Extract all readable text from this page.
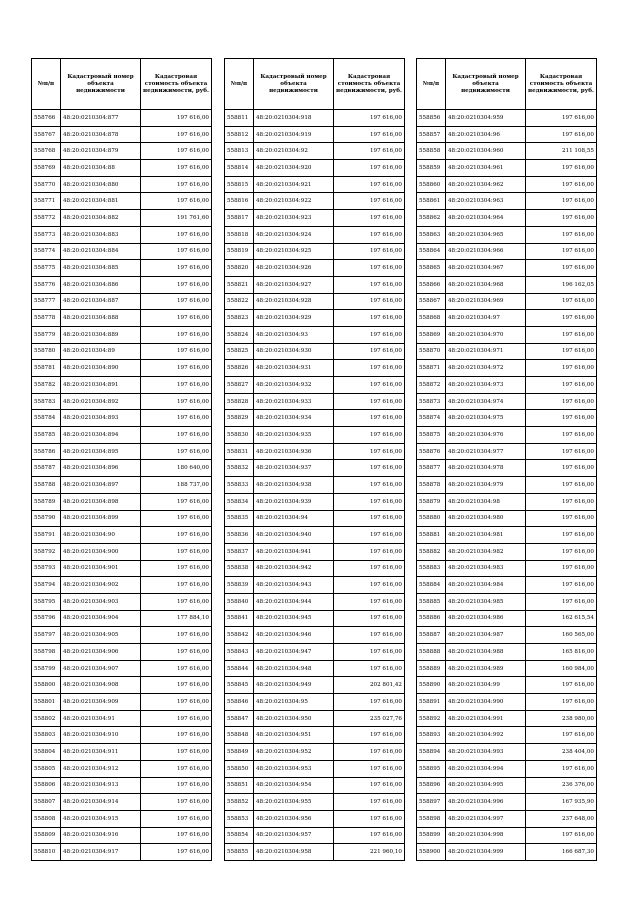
№п/п	Кадастровый номер объекта недвижимости	Кадастровая стоимость объекта недвижимости, руб.
558766	48:20:0210304:877	197 616,00
558767	48:20:0210304:878	197 616,00
558768	48:20:0210304:879	197 616,00
558769	48:20:0210304:88	197 616,00
558770	48:20:0210304:880	197 616,00
558771	48:20:0210304:881	197 616,00
558772	48:20:0210304:882	191 761,60
558773	48:20:0210304:883	197 616,00
558774	48:20:0210304:884	197 616,00
558775	48:20:0210304:885	197 616,00
558776	48:20:0210304:886	197 616,00
558777	48:20:0210304:887	197 616,00
558778	48:20:0210304:888	197 616,00
558779	48:20:0210304:889	197 616,00
558780	48:20:0210304:89	197 616,00
558781	48:20:0210304:890	197 616,00
558782	48:20:0210304:891	197 616,00
558783	48:20:0210304:892	197 616,00
558784	48:20:0210304:893	197 616,00
558785	48:20:0210304:894	197 616,00
558786	48:20:0210304:895	197 616,00
558787	48:20:0210304:896	180 640,00
558788	48:20:0210304:897	188 737,00
558789	48:20:0210304:898	197 616,00
558790	48:20:0210304:899	197 616,00
558791	48:20:0210304:90	197 616,00
558792	48:20:0210304:900	197 616,00
558793	48:20:0210304:901	197 616,00
558794	48:20:0210304:902	197 616,00
558795	48:20:0210304:903	197 616,00
558796	48:20:0210304:904	177 884,10
558797	48:20:0210304:905	197 616,00
558798	48:20:0210304:906	197 616,00
558799	48:20:0210304:907	197 616,00
558800	48:20:0210304:908	197 616,00
558801	48:20:0210304:909	197 616,00
558802	48:20:0210304:91	197 616,00
558803	48:20:0210304:910	197 616,00
558804	48:20:0210304:911	197 616,00
558805	48:20:0210304:912	197 616,00
558806	48:20:0210304:913	197 616,00
558807	48:20:0210304:914	197 616,00
558808	48:20:0210304:915	197 616,00
558809	48:20:0210304:916	197 616,00
558810	48:20:0210304:917	197 616,00
№п/п	Кадастровый номер объекта недвижимости	Кадастровая стоимость объекта недвижимости, руб.
558811	48:20:0210304:918	197 616,00
558812	48:20:0210304:919	197 616,00
558813	48:20:0210304:92	197 616,00
558814	48:20:0210304:920	197 616,00
558815	48:20:0210304:921	197 616,00
558816	48:20:0210304:922	197 616,00
558817	48:20:0210304:923	197 616,00
558818	48:20:0210304:924	197 616,00
558819	48:20:0210304:925	197 616,00
558820	48:20:0210304:926	197 616,00
558821	48:20:0210304:927	197 616,00
558822	48:20:0210304:928	197 616,00
558823	48:20:0210304:929	197 616,00
558824	48:20:0210304:93	197 616,00
558825	48:20:0210304:930	197 616,00
558826	48:20:0210304:931	197 616,00
558827	48:20:0210304:932	197 616,00
558828	48:20:0210304:933	197 616,00
558829	48:20:0210304:934	197 616,00
558830	48:20:0210304:935	197 616,00
558831	48:20:0210304:936	197 616,00
558832	48:20:0210304:937	197 616,00
558833	48:20:0210304:938	197 616,00
558834	48:20:0210304:939	197 616,00
558835	48:20:0210304:94	197 616,00
558836	48:20:0210304:940	197 616,00
558837	48:20:0210304:941	197 616,00
558838	48:20:0210304:942	197 616,00
558839	48:20:0210304:943	197 616,00
558840	48:20:0210304:944	197 616,00
558841	48:20:0210304:945	197 616,00
558842	48:20:0210304:946	197 616,00
558843	48:20:0210304:947	197 616,00
558844	48:20:0210304:948	197 616,00
558845	48:20:0210304:949	202 801,42
558846	48:20:0210304:95	197 616,00
558847	48:20:0210304:950	235 027,76
558848	48:20:0210304:951	197 616,00
558849	48:20:0210304:952	197 616,00
558850	48:20:0210304:953	197 616,00
558851	48:20:0210304:954	197 616,00
558852	48:20:0210304:955	197 616,00
558853	48:20:0210304:956	197 616,00
558854	48:20:0210304:957	197 616,00
558855	48:20:0210304:958	221 960,10
№п/п	Кадастровый номер объекта недвижимости	Кадастровая стоимость объекта недвижимости, руб.
558856	48:20:0210304:959	197 616,00
558857	48:20:0210304:96	197 616,00
558858	48:20:0210304:960	211 108,55
558859	48:20:0210304:961	197 616,00
558860	48:20:0210304:962	197 616,00
558861	48:20:0210304:963	197 616,00
558862	48:20:0210304:964	197 616,00
558863	48:20:0210304:965	197 616,00
558864	48:20:0210304:966	197 616,00
558865	48:20:0210304:967	197 616,00
558866	48:20:0210304:968	196 162,05
558867	48:20:0210304:969	197 616,00
558868	48:20:0210304:97	197 616,00
558869	48:20:0210304:970	197 616,00
558870	48:20:0210304:971	197 616,00
558871	48:20:0210304:972	197 616,00
558872	48:20:0210304:973	197 616,00
558873	48:20:0210304:974	197 616,00
558874	48:20:0210304:975	197 616,00
558875	48:20:0210304:976	197 616,00
558876	48:20:0210304:977	197 616,00
558877	48:20:0210304:978	197 616,00
558878	48:20:0210304:979	197 616,00
558879	48:20:0210304:98	197 616,00
558880	48:20:0210304:980	197 616,00
558881	48:20:0210304:981	197 616,00
558882	48:20:0210304:982	197 616,00
558883	48:20:0210304:983	197 616,00
558884	48:20:0210304:984	197 616,00
558885	48:20:0210304:985	197 616,00
558886	48:20:0210304:986	162 615,54
558887	48:20:0210304:987	160 565,00
558888	48:20:0210304:988	165 816,00
558889	48:20:0210304:989	160 984,00
558890	48:20:0210304:99	197 616,00
558891	48:20:0210304:990	197 616,00
558892	48:20:0210304:991	238 980,00
558893	48:20:0210304:992	197 616,00
558894	48:20:0210304:993	238 404,00
558895	48:20:0210304:994	197 616,00
558896	48:20:0210304:995	236 376,00
558897	48:20:0210304:996	167 935,90
558898	48:20:0210304:997	237 648,00
558899	48:20:0210304:998	197 616,00
558900	48:20:0210304:999	166 687,30
